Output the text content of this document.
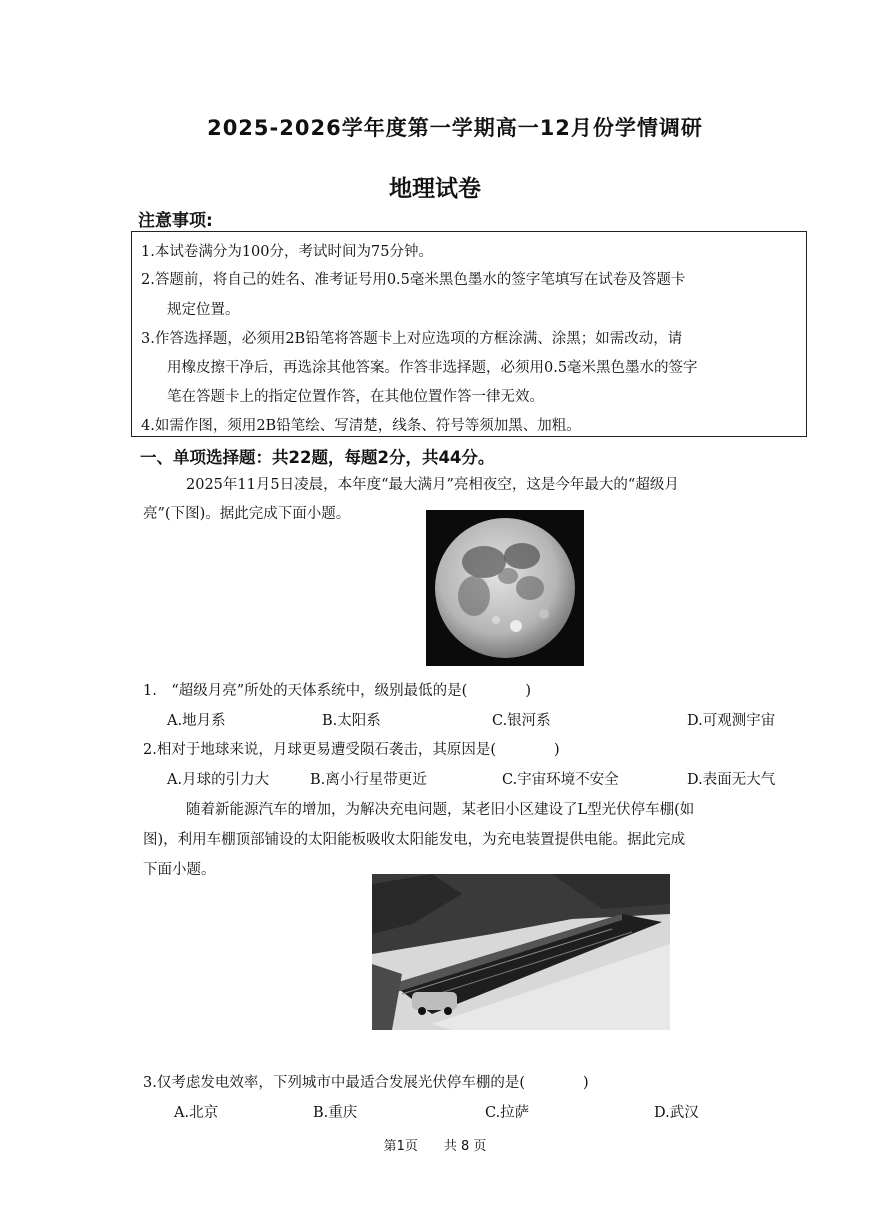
2025-2026学年度第一学期高一12月份学情调研
地理试卷
注意事项:
1.本试卷满分为100分，考试时间为75分钟。
2.答题前，将自己的姓名、准考证号用0.5毫米黑色墨水的签字笔填写在试卷及答题卡
规定位置。
3.作答选择题，必须用2B铅笔将答题卡上对应选项的方框涂满、涂黑；如需改动，请
用橡皮擦干净后，再选涂其他答案。作答非选择题，必须用0.5毫米黑色墨水的签字
笔在答题卡上的指定位置作答，在其他位置作答一律无效。
4.如需作图，须用2B铅笔绘、写清楚，线条、符号等须加黑、加粗。
一、单项选择题：共22题，每题2分，共44分。
2025年11月5日凌晨，本年度“最大满月”亮相夜空，这是今年最大的“超级月
亮”(下图)。据此完成下面小题。
1.　“超级月亮”所处的天体系统中，级别最低的是(　　　　)
A.地月系	B.太阳系	C.银河系	D.可观测宇宙
2.相对于地球来说，月球更易遭受陨石袭击，其原因是(　　　　)
A.月球的引力大	B.离小行星带更近	C.宇宙环境不安全	D.表面无大气
随着新能源汽车的增加，为解决充电问题，某老旧小区建设了L型光伏停车棚(如
图)，利用车棚顶部铺设的太阳能板吸收太阳能发电，为充电装置提供电能。据此完成
下面小题。
3.仅考虑发电效率，下列城市中最适合发展光伏停车棚的是(　　　　)
A.北京	B.重庆	C.拉萨	D.武汉
第1页　　共 8 页
